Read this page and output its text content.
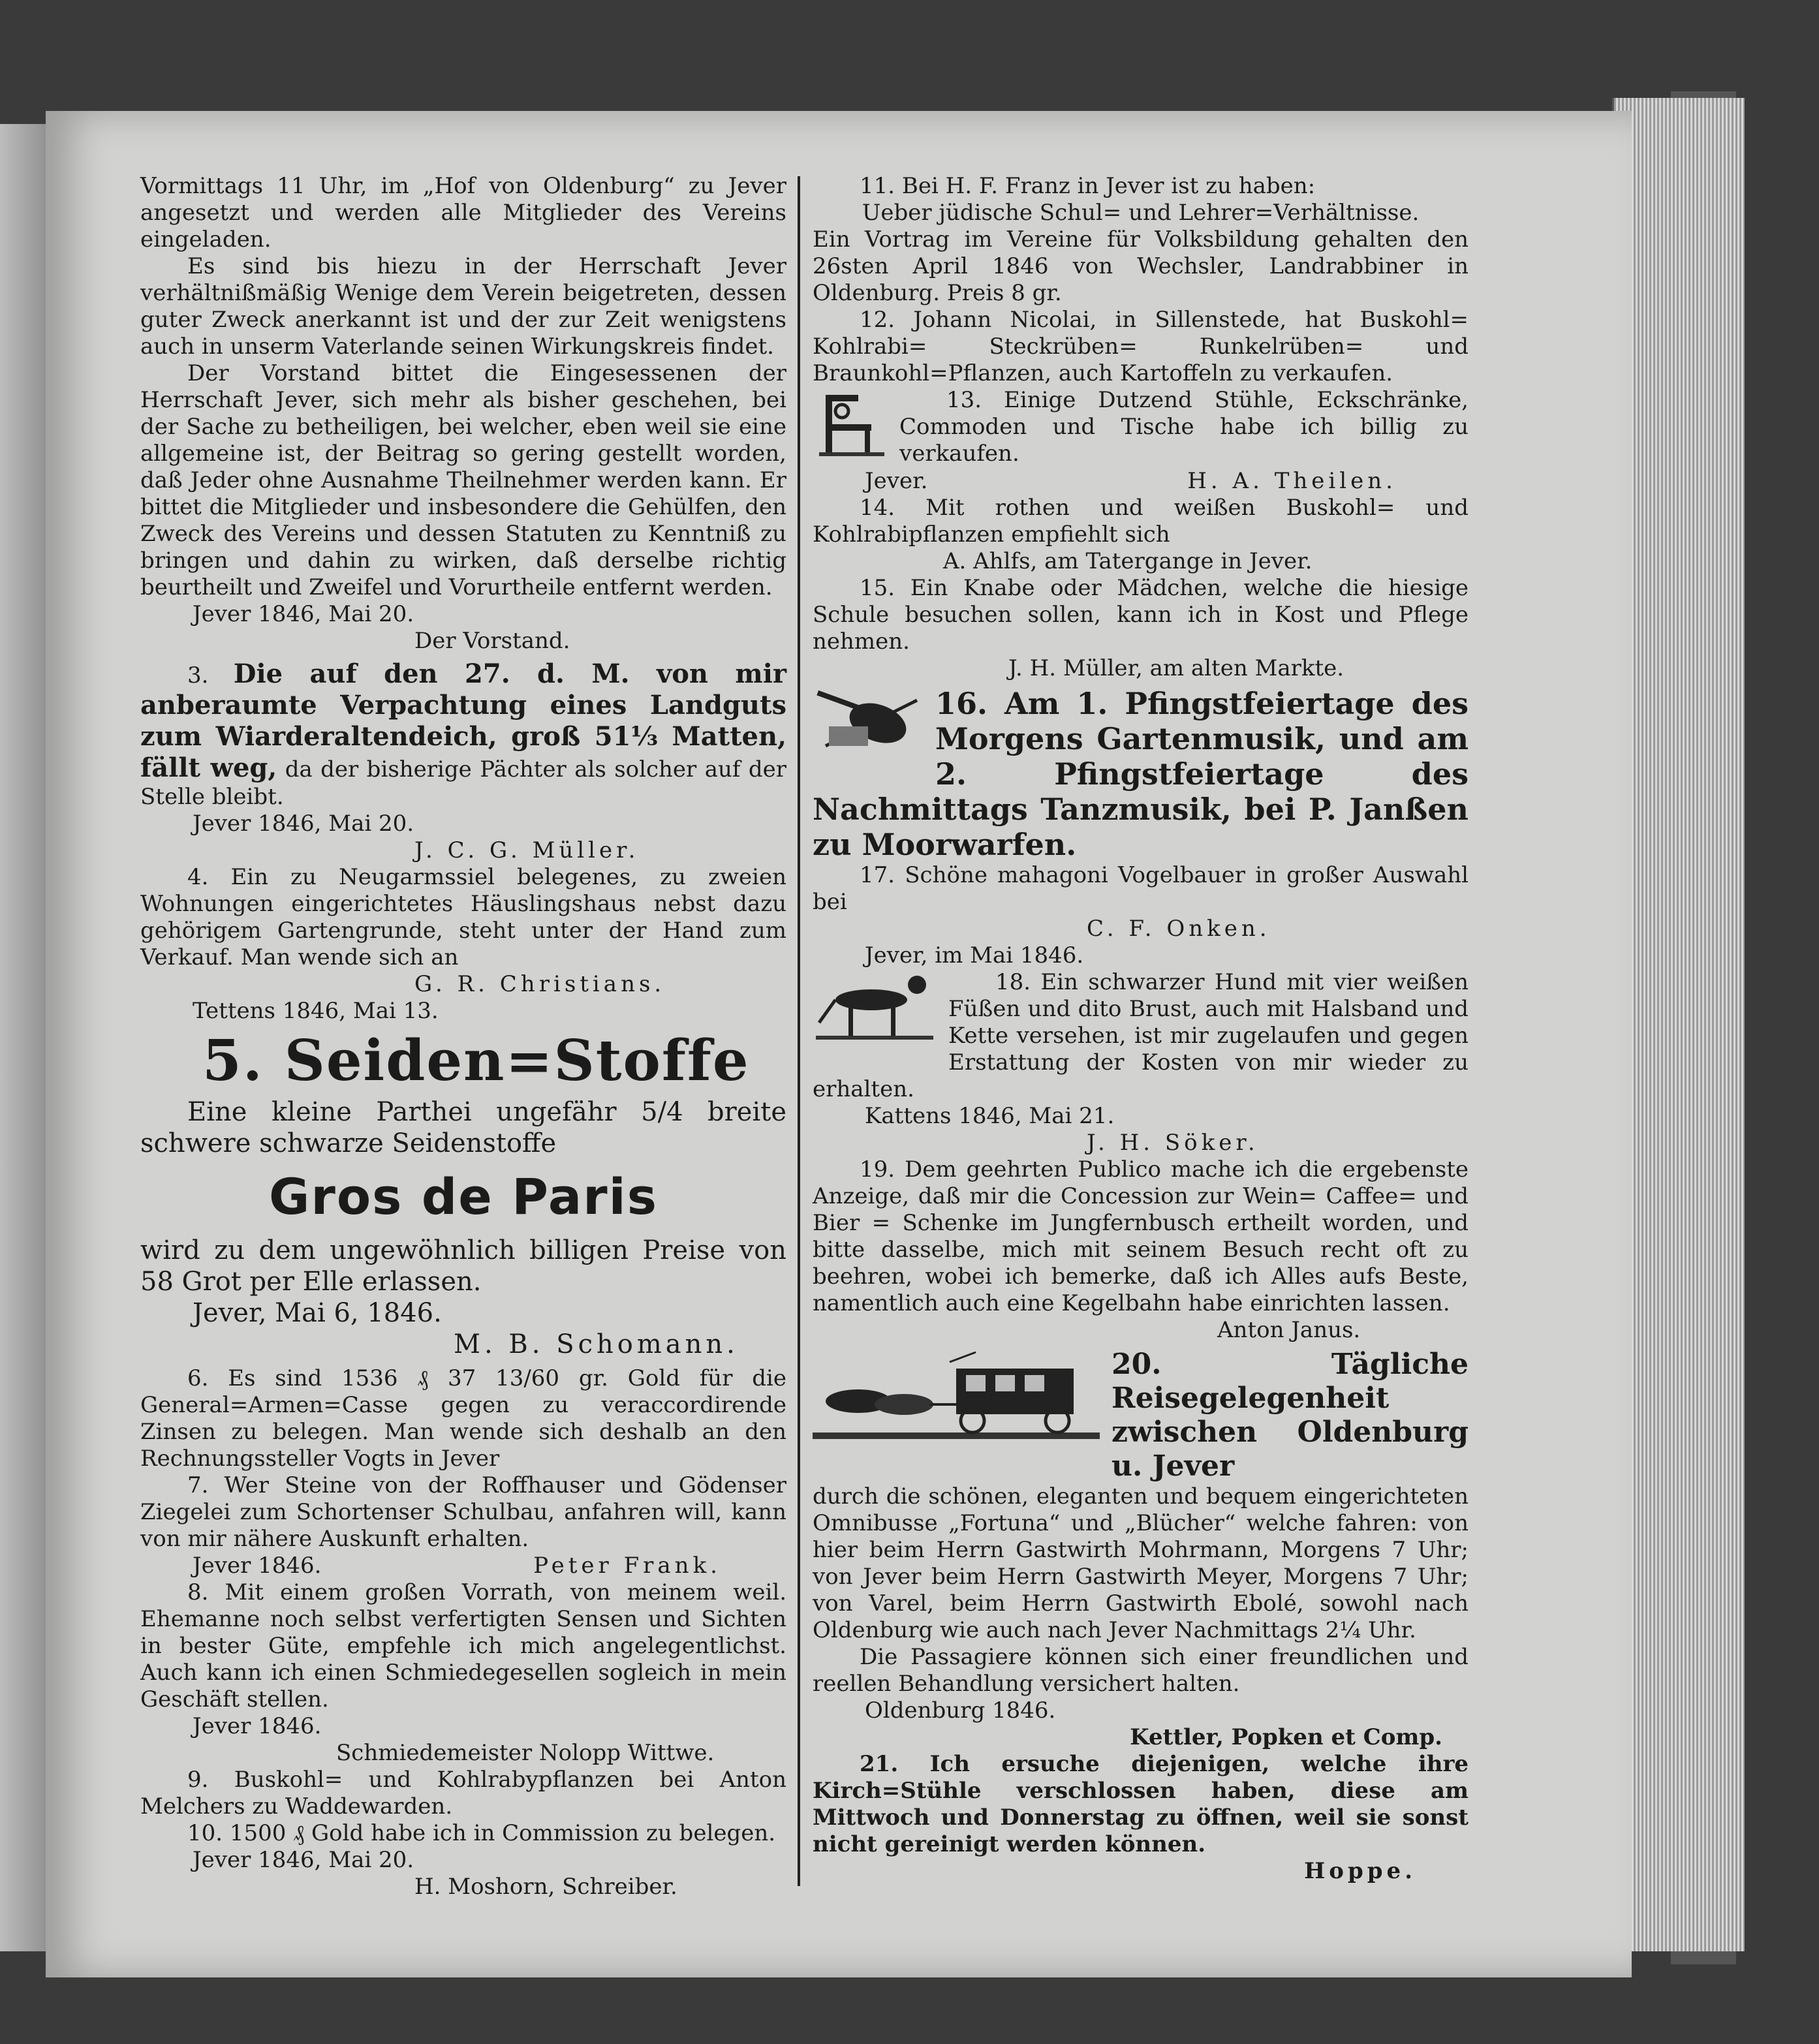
Vormittags 11 Uhr, im „Hof von Oldenburg“ zu Jever angesetzt und werden alle Mitglieder des Vereins eingeladen.

Es sind bis hiezu in der Herrschaft Jever verhältnißmäßig Wenige dem Verein beigetreten, dessen guter Zweck anerkannt ist und der zur Zeit wenigstens auch in unserm Vaterlande seinen Wirkungskreis findet.

Der Vorstand bittet die Eingesessenen der Herrschaft Jever, sich mehr als bisher geschehen, bei der Sache zu betheiligen, bei welcher, eben weil sie eine allgemeine ist, der Beitrag so gering gestellt worden, daß Jeder ohne Ausnahme Theilnehmer werden kann. Er bittet die Mitglieder und insbesondere die Gehülfen, den Zweck des Vereins und dessen Statuten zu Kenntniß zu bringen und dahin zu wirken, daß derselbe richtig beurtheilt und Zweifel und Vorurtheile entfernt werden.

Jever 1846, Mai 20.

Der Vorstand.

3. Die auf den 27. d. M. von mir anberaumte Verpachtung eines Landguts zum Wiarderaltendeich, groß 51⅓ Matten, fällt weg, da der bisherige Pächter als solcher auf der Stelle bleibt.

Jever 1846, Mai 20.

J. C. G. Müller.

4. Ein zu Neugarmssiel belegenes, zu zweien Wohnungen eingerichtetes Häuslingshaus nebst dazu gehörigem Gartengrunde, steht unter der Hand zum Verkauf. Man wende sich an

G. R. Christians.

Tettens 1846, Mai 13.

5. Seiden=Stoffe

Eine kleine Parthei ungefähr 5/4 breite schwere schwarze Seidenstoffe

Gros de Paris

wird zu dem ungewöhnlich billigen Preise von 58 Grot per Elle erlassen.

Jever, Mai 6, 1846.

M. B. Schomann.

6. Es sind 1536 ₰ 37 13/60 gr. Gold für die General=Armen=Casse gegen zu veraccordirende Zinsen zu belegen. Man wende sich deshalb an den Rechnungssteller Vogts in Jever

7. Wer Steine von der Roffhauser und Gödenser Ziegelei zum Schortenser Schulbau, anfahren will, kann von mir nähere Auskunft erhalten.

Jever 1846.	Peter Frank.

8. Mit einem großen Vorrath, von meinem weil. Ehemanne noch selbst verfertigten Sensen und Sichten in bester Güte, empfehle ich mich angelegentlichst. Auch kann ich einen Schmiedegesellen sogleich in mein Geschäft stellen.

Jever 1846.

Schmiedemeister Nolopp Wittwe.

9. Buskohl= und Kohlrabypflanzen bei Anton Melchers zu Waddewarden.

10. 1500 ₰ Gold habe ich in Commission zu belegen.

Jever 1846, Mai 20.

H. Moshorn, Schreiber.

11. Bei H. F. Franz in Jever ist zu haben:

Ueber jüdische Schul= und Lehrer=Verhältnisse.

Ein Vortrag im Vereine für Volksbildung gehalten den 26sten April 1846 von Wechsler, Landrabbiner in Oldenburg. Preis 8 gr.

12. Johann Nicolai, in Sillenstede, hat Buskohl= Kohlrabi= Steckrüben= Runkelrüben= und Braunkohl=Pflanzen, auch Kartoffeln zu verkaufen.

13. Einige Dutzend Stühle, Eckschränke, Commoden und Tische habe ich billig zu verkaufen.

Jever.	H. A. Theilen.

14. Mit rothen und weißen Buskohl= und Kohlrabipflanzen empfiehlt sich

A. Ahlfs, am Tatergange in Jever.

15. Ein Knabe oder Mädchen, welche die hiesige Schule besuchen sollen, kann ich in Kost und Pflege nehmen.

J. H. Müller, am alten Markte.

16. Am 1. Pfingstfeiertage des Morgens Gartenmusik, und am 2. Pfingstfeiertage des Nachmittags Tanzmusik, bei P. Janßen zu Moorwarfen.

17. Schöne mahagoni Vogelbauer in großer Auswahl bei

C. F. Onken.

Jever, im Mai 1846.

18. Ein schwarzer Hund mit vier weißen Füßen und dito Brust, auch mit Halsband und Kette versehen, ist mir zugelaufen und gegen Erstattung der Kosten von mir wieder zu erhalten.

Kattens 1846, Mai 21.

J. H. Söker.

19. Dem geehrten Publico mache ich die ergebenste Anzeige, daß mir die Concession zur Wein= Caffee= und Bier = Schenke im Jungfernbusch ertheilt worden, und bitte dasselbe, mich mit seinem Besuch recht oft zu beehren, wobei ich bemerke, daß ich Alles aufs Beste, namentlich auch eine Kegelbahn habe einrichten lassen.

Anton Janus.

20. Tägliche Reisegelegenheit zwischen Oldenburg u. Jever

durch die schönen, eleganten und bequem eingerichteten Omnibusse „Fortuna“ und „Blücher“ welche fahren: von hier beim Herrn Gastwirth Mohrmann, Morgens 7 Uhr; von Jever beim Herrn Gastwirth Meyer, Morgens 7 Uhr; von Varel, beim Herrn Gastwirth Ebolé, sowohl nach Oldenburg wie auch nach Jever Nachmittags 2¼ Uhr.

Die Passagiere können sich einer freundlichen und reellen Behandlung versichert halten.

Oldenburg 1846.

Kettler, Popken et Comp.

21. Ich ersuche diejenigen, welche ihre Kirch=Stühle verschlossen haben, diese am Mittwoch und Donnerstag zu öffnen, weil sie sonst nicht gereinigt werden können.

Hoppe.
